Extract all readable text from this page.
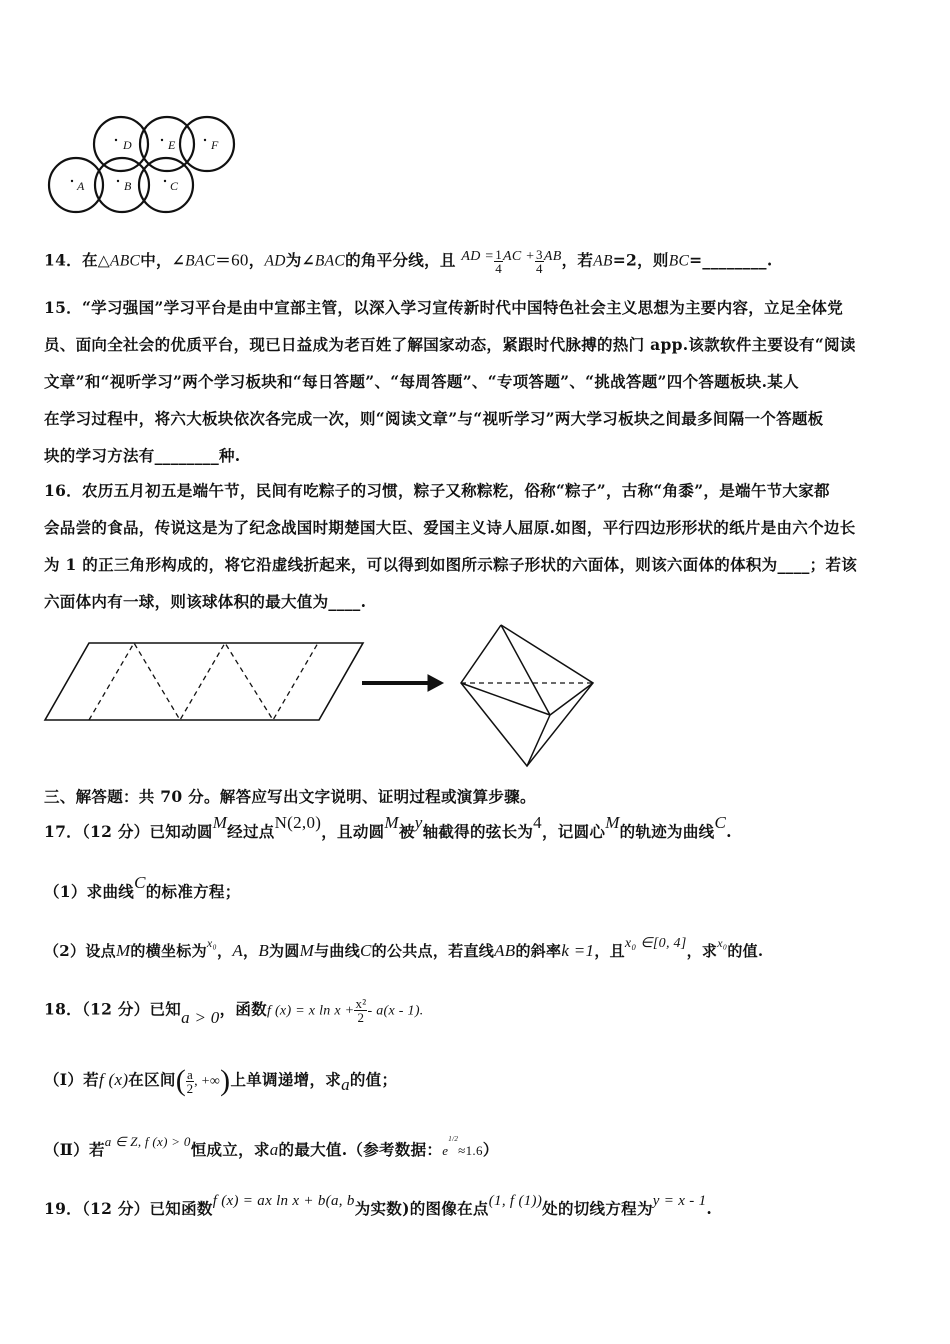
D	E	F
A	B	C
14．在△ABC中，∠BAC＝60，AD为∠BAC的角平分线，且 AD = $\frac{1}{4}$ AC + $\frac{3}{4}$ AB，若AB=2，则BC=________.
15．“学习强国”学习平台是由中宣部主管，以深入学习宣传新时代中国特色社会主义思想为主要内容，立足全体党
员、面向全社会的优质平台，现已日益成为老百姓了解国家动态，紧跟时代脉搏的热门 app.该款软件主要设有“阅读
文章”和“视听学习”两个学习板块和“每日答题”、“每周答题”、“专项答题”、“挑战答题”四个答题板块.某人
在学习过程中，将六大板块依次各完成一次，则“阅读文章”与“视听学习”两大学习板块之间最多间隔一个答题板
块的学习方法有________种.
16．农历五月初五是端午节，民间有吃粽子的习惯，粽子又称粽籺，俗称“粽子”，古称“角黍”，是端午节大家都
会品尝的食品，传说这是为了纪念战国时期楚国大臣、爱国主义诗人屈原.如图，平行四边形形状的纸片是由六个边长
为 1 的正三角形构成的，将它沿虚线折起来，可以得到如图所示粽子形状的六面体，则该六面体的体积为____；若该
六面体内有一球，则该球体积的最大值为____.
三、解答题：共 70 分。解答应写出文字说明、证明过程或演算步骤。
17．（12 分）已知动圆M经过点N(2,0)，且动圆M被y轴截得的弦长为4，记圆心M的轨迹为曲线C.
（1）求曲线C的标准方程；
（2）设点M的横坐标为$^{x_0}$，A，B为圆M与曲线C的公共点，若直线AB的斜率k =1，且x₀ ∈[0, 4]，求$^{x_0}$的值.
18．（12 分）已知a > 0，函数f (x) = x $\ln x + \frac{\text{x²}}{2} - a(x - 1)$.
（Ⅰ）若f (x)在区间( $\frac{a}{2}$ , +∞)上单调递增，求a的值；
（Ⅱ）若$^{a \in Z, f (x) > 0}$恒成立，求a的最大值.（参考数据：$e^{1/2}\approx 1.6$）
19．（12 分）已知函数f (x) = ax ln x + b(a, b为实数)的图像在点(1, f (1))处的切线方程为y = x - 1.
